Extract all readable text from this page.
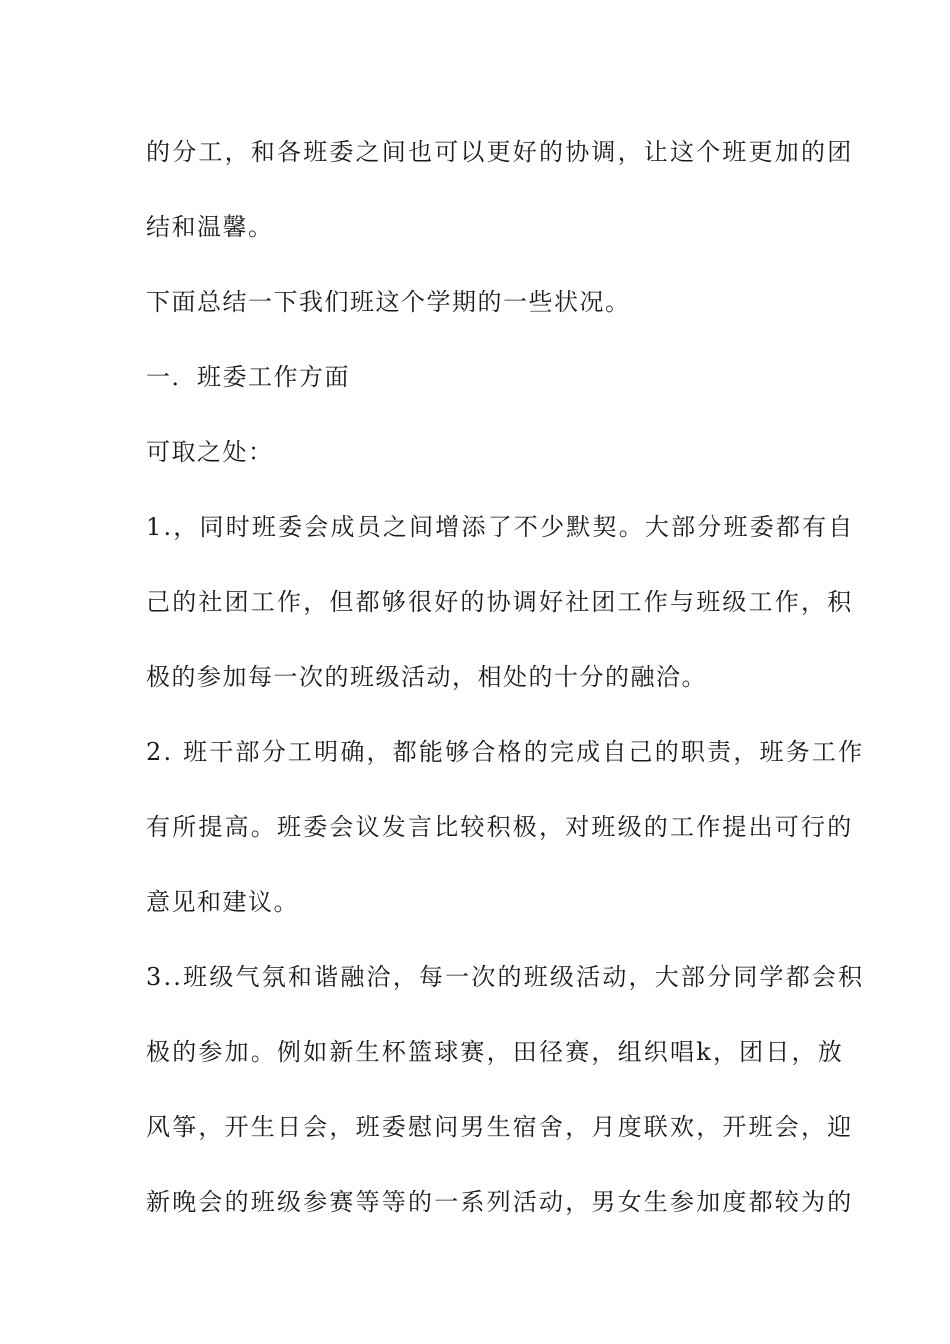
的分工，和各班委之间也可以更好的协调，让这个班更加的团
结和温馨。
下面总结一下我们班这个学期的一些状况。
一．班委工作方面
可取之处：
1.，同时班委会成员之间增添了不少默契。大部分班委都有自
己的社团工作，但都够很好的协调好社团工作与班级工作，积
极的参加每一次的班级活动，相处的十分的融洽。
2. 班干部分工明确，都能够合格的完成自己的职责，班务工作
有所提高。班委会议发言比较积极，对班级的工作提出可行的
意见和建议。
3..班级气氛和谐融洽，每一次的班级活动，大部分同学都会积
极的参加。例如新生杯篮球赛，田径赛，组织唱k，团日，放
风筝，开生日会，班委慰问男生宿舍，月度联欢，开班会，迎
新晚会的班级参赛等等的一系列活动，男女生参加度都较为的
